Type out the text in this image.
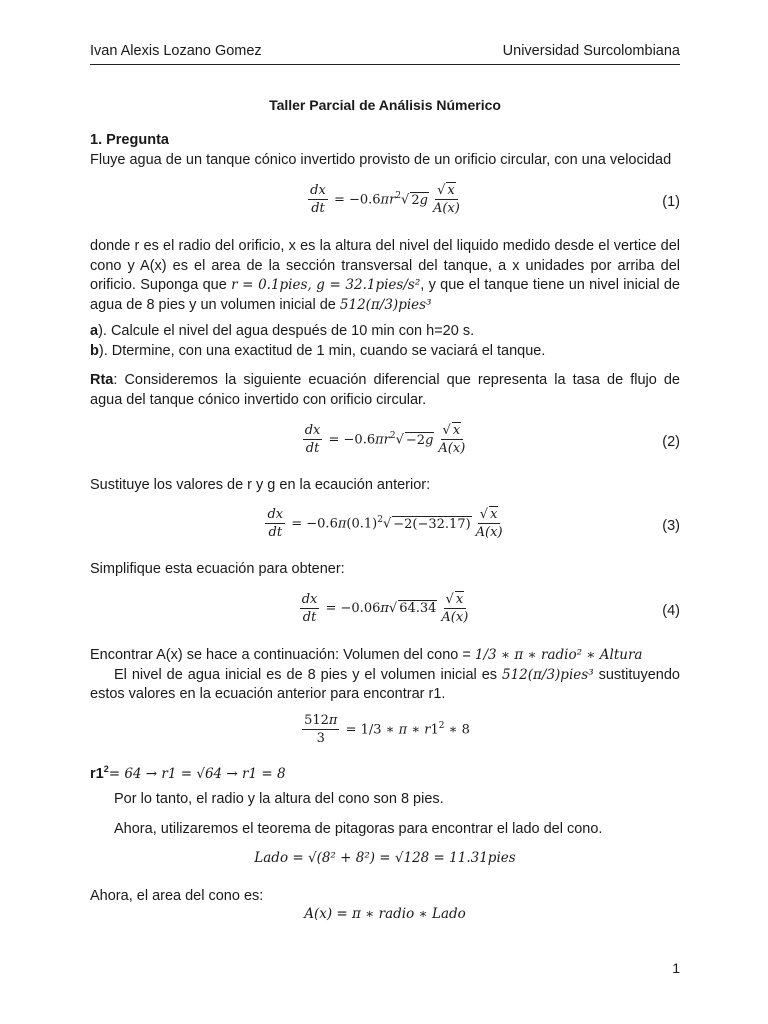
Ivan Alexis Lozano Gomez	Universidad Surcolombiana
Taller Parcial de Análisis Númerico
1. Pregunta

Fluye agua de un tanque cónico invertido provisto de un orificio circular, con una velocidad

$\frac{dx}{dt} = -0.6\pi r^2√$ $2g \frac{√ x}{A(x)}$	(1)

donde r es el radio del orificio, x es la altura del nivel del liquido medido desde el vertice del cono y A(x) es el area de la sección transversal del tanque, a x unidades por arriba del orificio. Suponga que r = 0.1pies, g = 32.1pies/s², y que el tanque tiene un nivel inicial de agua de 8 pies y un volumen inicial de 512(π/3)pies³

a). Calcule el nivel del agua después de 10 min con h=20 s.

b). Dtermine, con una exactitud de 1 min, cuando se vaciará el tanque.

Rta: Consideremos la siguiente ecuación diferencial que representa la tasa de flujo de agua del tanque cónico invertido con orificio circular.

$\frac{dx}{dt} = -0.6\pi r^2√ -2g \frac{√ x}{A(x)}$	(2)
Sustituye los valores de r y g en la ecaución anterior:
$\frac{dx}{dt} = -0.6\pi(0.1)^2√ -2(-32.17) \frac{√ x}{A(x)}$	(3)
Simplifique esta ecuación para obtener:
$\frac{dx}{dt} = -0.06\pi√$ $64.34 \frac{√ x}{A(x)}$	(4)

Encontrar A(x) se hace a continuación: Volumen del cono = 1/3 ∗ π ∗ radio² ∗ Altura

El nivel de agua inicial es de 8 pies y el volumen inicial es 512(π/3)pies³ sustituyendo estos valores en la ecuación anterior para encontrar r1.

$\frac{512\pi}{3} = 1/3$ ∗ π ∗ $r1^2$ ∗ 8

$r1^2= 64 \to r1 = √64 \to r1 = 8$

Por lo tanto, el radio y la altura del cono son 8 pies.
Ahora, utilizaremos el teorema de pitagoras para encontrar el lado del cono.
Lado = √(8² + 8²) = √128 = 11.31pies
Ahora, el area del cono es:
A(x) = π ∗ radio ∗ Lado
1
